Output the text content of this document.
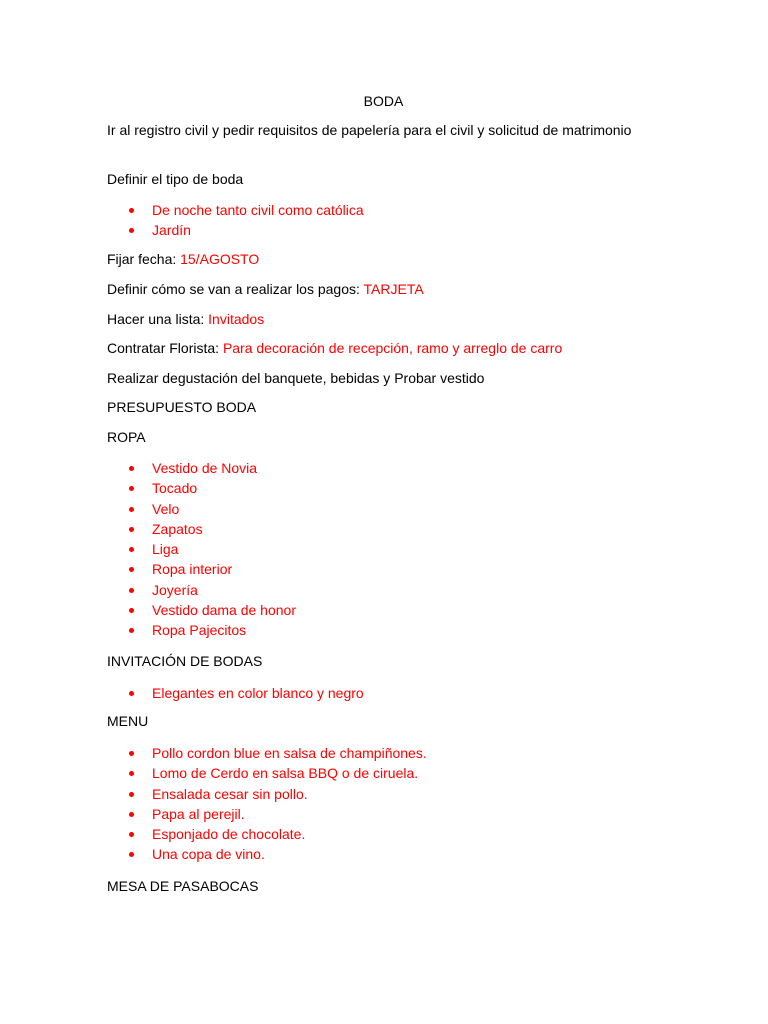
BODA
Ir al registro civil y pedir requisitos de papelería para el civil y solicitud de matrimonio
Definir el tipo de boda
De noche tanto civil como católica
Jardín
Fijar fecha: 15/AGOSTO
Definir cómo se van a realizar los pagos: TARJETA
Hacer una lista: Invitados
Contratar Florista: Para decoración de recepción, ramo y arreglo de carro
Realizar degustación del banquete, bebidas y Probar vestido
PRESUPUESTO BODA
ROPA
Vestido de Novia
Tocado
Velo
Zapatos
Liga
Ropa interior
Joyería
Vestido dama de honor
Ropa Pajecitos
INVITACIÓN DE BODAS
Elegantes en color blanco y negro
MENU
Pollo cordon blue en salsa de champiñones.
Lomo de Cerdo en salsa BBQ o de ciruela.
Ensalada cesar sin pollo.
Papa al perejil.
Esponjado de chocolate.
Una copa de vino.
MESA DE PASABOCAS
